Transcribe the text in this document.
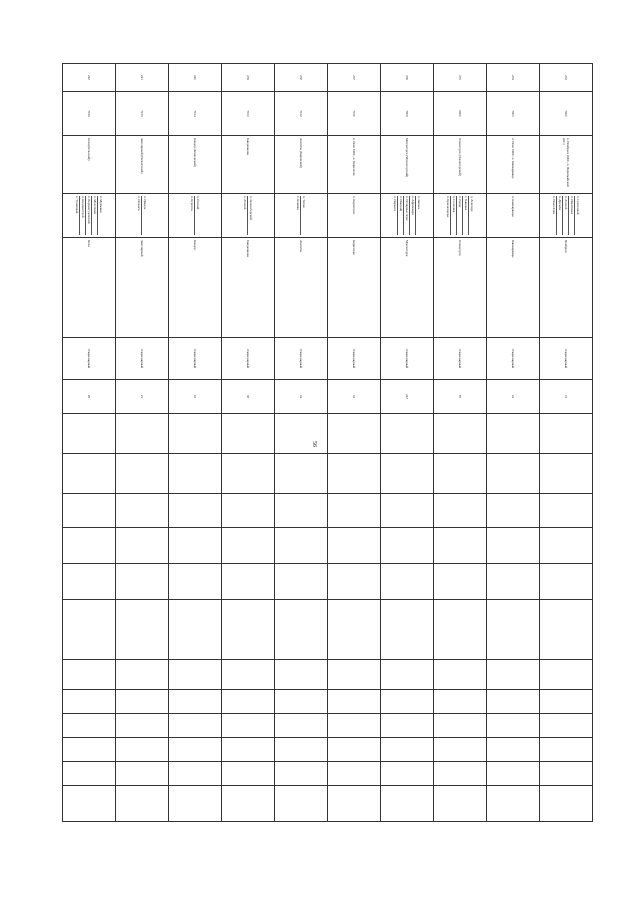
56
233	7000	п. Ноябрьск ОФС, п. Первомайский (ОС)	п. Совхозный
п. Никитовка
п. Лесной
п. Дружба
п. Новосёлки	Ноябрьск	стационарный	72												
234	7005	п. Ново ОФС, п. Кашкаранцы	п. Кашкаранцы	Кашкаранцы	стационарный	24												
235	8000	Оленегорск (Оленегорский)	д. Ловозеро
с. Каневка
п. Ревда
п. Сосновка
п. Краснощелье	Оленегорск	стационарный	85												
236	7009	Мончегорск (Мончегорский)	п. Зашеек
п. Африканда
п. Полярные Зори
п. Нивский
п. Пиренга	Мончегорск	стационарный	247												
237	7010	п. Ново ОФС, п. Кириллово	п. Кириллово	Кириллово	стационарный	32												
238	7012	Апатиты (Кировский)	п. Титан
п. Коашва	Апатиты	стационарный	34												
239	7013	Кандалакша	п. Зеленоборский
п. Лесной	Кандалакша	стационарный	38												
240	7014	Ковдор (Ковдорский)	п. Ёнский
п. Куропта	Ковдор	стационарный	18												
241	7015	Заполярный (Печенгский)	п. Никель
п. Печенга	Заполярный	стационарный	21												
242	7016	Кола (Кольский)	п. Мурмаши
п. Молочный
п. Верхнетуломский
п. Килдинстрой
п. Туманный	Кола	стационарный	26												
